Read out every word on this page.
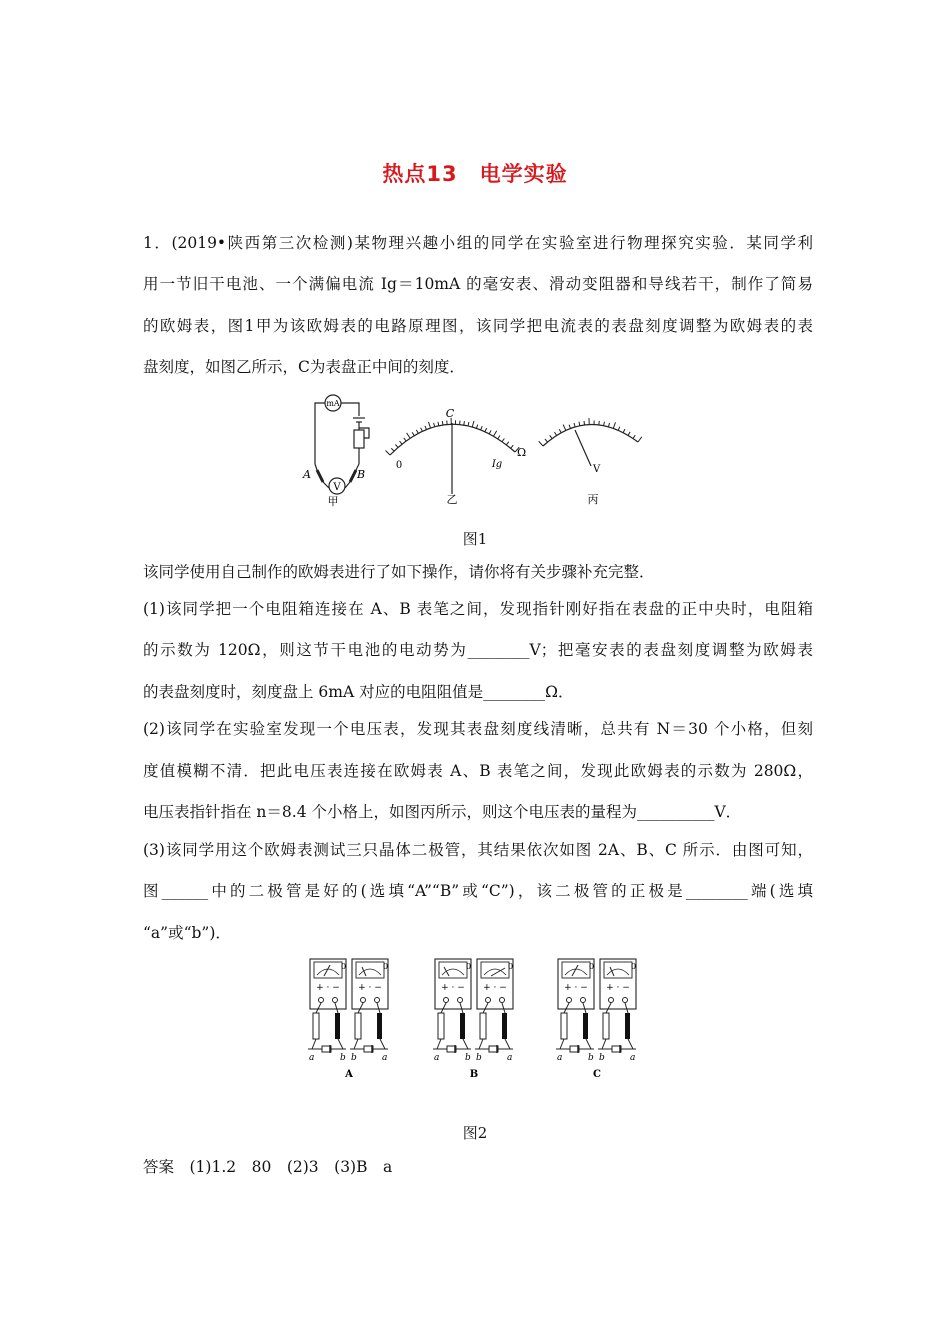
热点13　电学实验
1．(2019•陕西第三次检测)某物理兴趣小组的同学在实验室进行物理探究实验．某同学利
用一节旧干电池、一个满偏电流 Ig＝10mA 的毫安表、滑动变阻器和导线若干，制作了简易
的欧姆表，图1甲为该欧姆表的电路原理图，该同学把电流表的表盘刻度调整为欧姆表的表
盘刻度，如图乙所示，C为表盘正中间的刻度．
mA
V
A	B
甲
C
0	Ig
Ω
乙
V
丙
图1
该同学使用自己制作的欧姆表进行了如下操作，请你将有关步骤补充完整．
(1)该同学把一个电阻箱连接在 A、B 表笔之间，发现指针刚好指在表盘的正中央时，电阻箱
的示数为 120Ω，则这节干电池的电动势为________V；把毫安表的表盘刻度调整为欧姆表
的表盘刻度时，刻度盘上 6mA 对应的电阻阻值是________Ω．
(2)该同学在实验室发现一个电压表，发现其表盘刻度线清晰，总共有 N＝30 个小格，但刻
度值模糊不清．把此电压表连接在欧姆表 A、B 表笔之间，发现此欧姆表的示数为 280Ω，
电压表指针指在 n＝8.4 个小格上，如图丙所示，则这个电压表的量程为__________V．
(3)该同学用这个欧姆表测试三只晶体二极管，其结果依次如图 2A、B、C 所示．由图可知，
图______中的二极管是好的(选填“A”“B”或“C”)，该二极管的正极是________端(选填
“a”或“b”)．
0
+ · −
a	b
0
+ · −
b	a
A
0
+ · −
a	b
0
+ · −
b	a
B
0
+ · −
a	b
0
+ · −
b	a
C
图2
答案　(1)1.2　80　(2)3　(3)B　a
